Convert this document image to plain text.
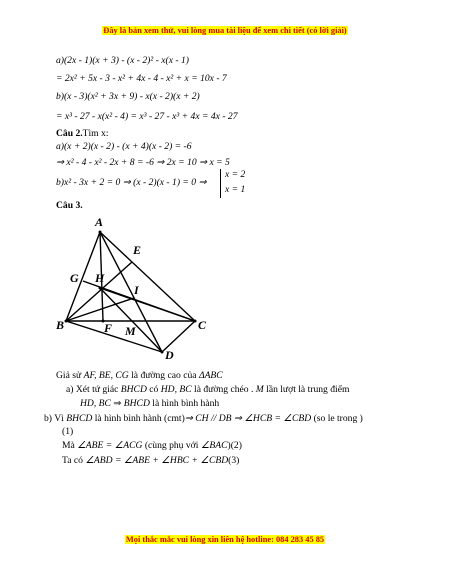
Đây là bản xem thử, vui lòng mua tài liệu để xem chi tiết (có lời giải)
a)(2x - 1)(x + 3) - (x - 2)² - x(x - 1)
= 2x² + 5x - 3 - x² + 4x - 4 - x² + x = 10x - 7
b)(x - 3)(x² + 3x + 9) - x(x - 2)(x + 2)
= x³ - 27 - x(x² - 4) = x³ - 27 - x³ + 4x = 4x - 27
Câu 2.Tìm x:
a)(x + 2)(x - 2) - (x + 4)(x - 2) = -6
⇒ x² - 4 - x² - 2x + 8 = -6 ⇒ 2x = 10 ⇒ x = 5
b)x² - 3x + 2 = 0 ⇒ (x - 2)(x - 1) = 0 ⇒
x = 2
x = 1
Câu 3.
A
E
G H
I
B	F M	C
D
Giả sử AF, BE, CG là đường cao của ΔABC
a) Xét tứ giác BHCD có HD, BC là đường chéo . M lần lượt là trung điểm
HD, BC ⇒ BHCD là hình bình hành
b) Vì BHCD là hình bình hành (cmt)⇒ CH // DB ⇒ ∠HCB = ∠CBD (so le trong )
(1)
Mà ∠ABE = ∠ACG (cùng phụ với ∠BAC)(2)
Ta có ∠ABD = ∠ABE + ∠HBC + ∠CBD(3)
Mọi thắc mắc vui lòng xin liên hệ hotline: 084 283 45 85
